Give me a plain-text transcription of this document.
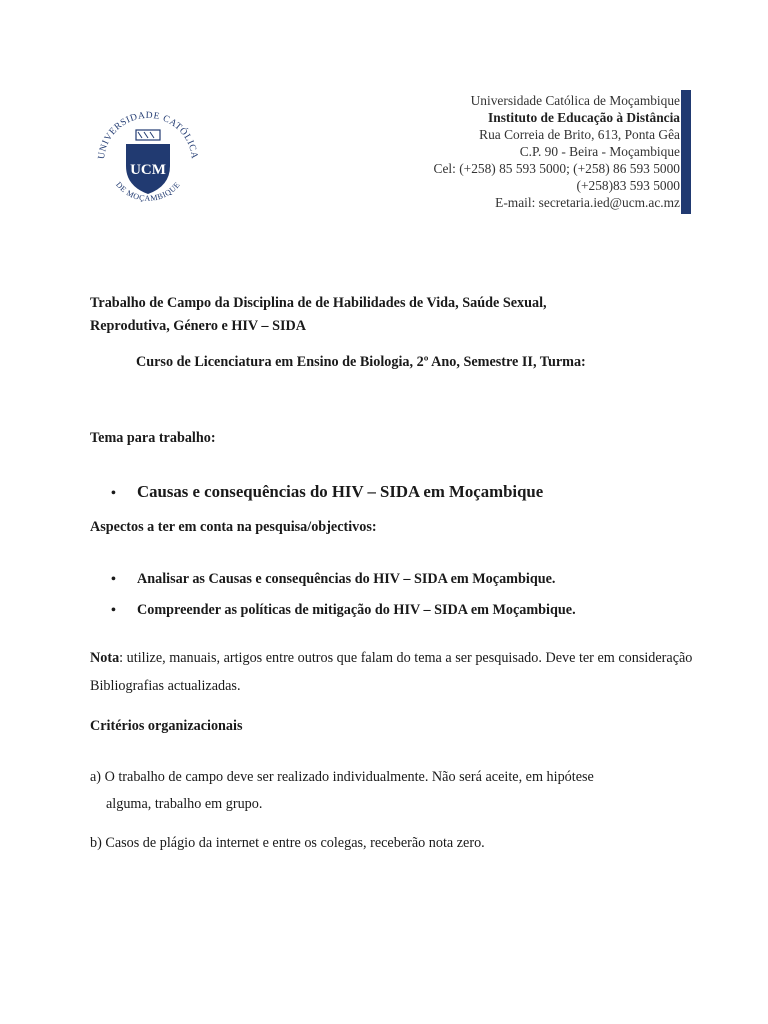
UNIVERSIDADE CATÓLICA
DE MOÇAMBIQUE
UCM
Universidade Católica de Moçambique
Instituto de Educação à Distância
Rua Correia de Brito, 613, Ponta Gêa
C.P. 90 - Beira - Moçambique
Cel: (+258) 85 593 5000; (+258) 86 593 5000
(+258)83 593 5000
E-mail: secretaria.ied@ucm.ac.mz
Trabalho de Campo da Disciplina de de Habilidades de Vida, Saúde Sexual,
Reprodutiva, Género e HIV – SIDA
Curso de Licenciatura em Ensino de Biologia, 2º Ano, Semestre II, Turma:
Tema para trabalho:
•	Causas e consequências do HIV – SIDA em Moçambique
Aspectos a ter em conta na pesquisa/objectivos:
•	Analisar as Causas e consequências do HIV – SIDA em Moçambique.
•	Compreender as políticas de mitigação do HIV – SIDA em Moçambique.
Nota: utilize, manuais, artigos entre outros que falam do tema a ser pesquisado. Deve ter em consideração Bibliografias actualizadas.
Critérios organizacionais
a) O trabalho de campo deve ser realizado individualmente. Não será aceite, em hipótese
alguma, trabalho em grupo.
b) Casos de plágio da internet e entre os colegas, receberão nota zero.
